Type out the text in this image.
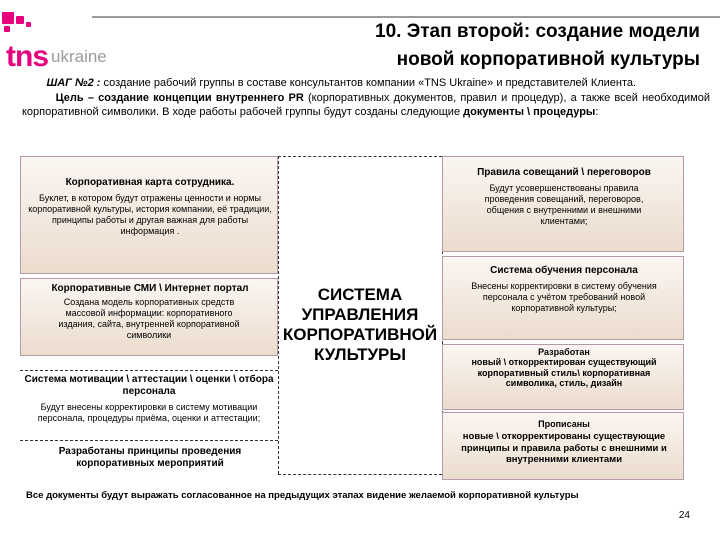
tns ukraine
10. Этап второй: создание модели
новой корпоративной культуры

ШАГ №2 : создание рабочий группы в составе консультантов компании «TNS Ukraine» и представителей Клиента.

Цель – создание концепции внутреннего PR (корпоративных документов, правил и процедур), а также всей необходимой корпоративной символики. В ходе работы рабочей группы будут созданы следующие документы \ процедуры:

Корпоративная карта сотрудника.
Буклет, в котором будут отражены ценности и нормы корпоративной культуры, история компании, её традиции, принципы работы и другая важная для работы информация .
Корпоративные СМИ \ Интернет портал
Создана модель корпоративных средств массовой информации: корпоративного издания, сайта, внутренней корпоративной символики
Система мотивации \ аттестации \ оценки \ отбора персонала
Будут внесены корректировки в систему мотивации персонала, процедуры приёма, оценки и аттестации;
Разработаны принципы проведения корпоративных мероприятий
СИСТЕМА
УПРАВЛЕНИЯ
КОРПОРАТИВНОЙ
КУЛЬТУРЫ
Правила совещаний \ переговоров
Будут усовершенствованы правила проведения совещаний, переговоров, общения с внутренними и внешними клиентами;
Система обучения персонала
Внесены корректировки в систему обучения персонала с учётом требований новой корпоративной культуры;
Разработан
новый \ откорректирован существующий корпоративный стиль\ корпоративная символика, стиль, дизайн
Прописаны
новые \ откорректированы существующие принципы и правила работы с внешними и внутренними клиентами
Все документы будут выражать согласованное на предыдущих этапах видение желаемой корпоративной культуры
24
